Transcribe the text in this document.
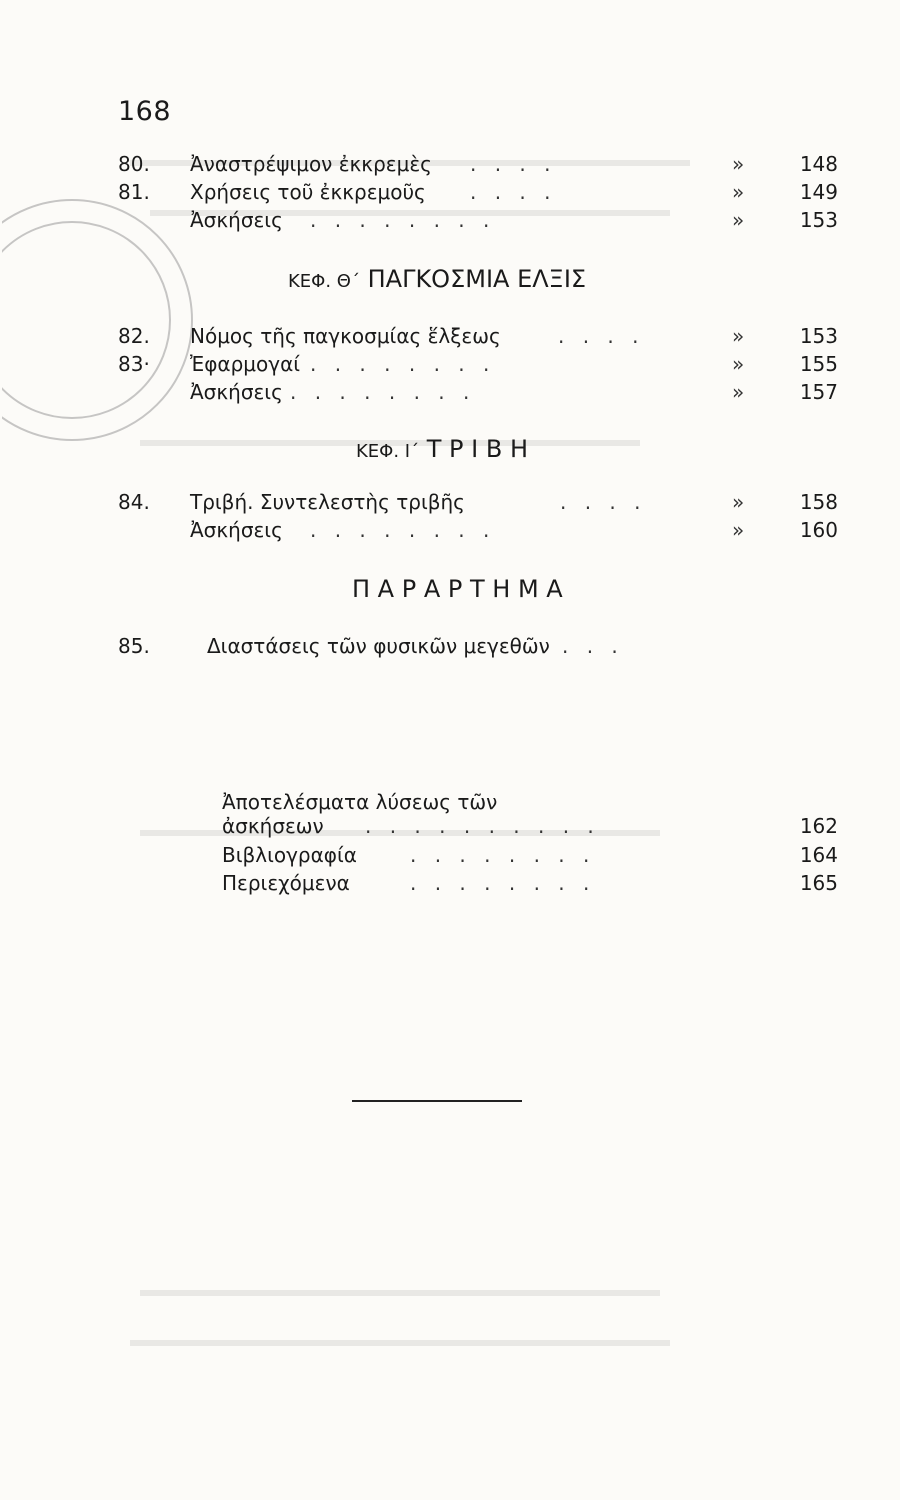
168
80. Ἀναστρέψιμον ἐκκρεμὲς . . . .	»	148
81. Χρήσεις τοῦ ἐκκρεμοῦς . . . .	»	149
Ἀσκήσεις . . . . . . . .	»	153
ΚΕΦ. Θ΄ ΠΑΓΚΟΣΜΙΑ ΕΛΞΙΣ
82. Νόμος τῆς παγκοσμίας ἕλξεως	. . . .	»	153
83· Ἐφαρμογαί . . . . . . . .	»	155
Ἀσκήσεις . . . . . . . .	»	157
ΚΕΦ. Ι΄ Τ Ρ Ι Β Η
84. Τριβή. Συντελεστὴς τριβῆς	. . . .	»	158
Ἀσκήσεις . . . . . . . .	»	160
Π Α Ρ Α Ρ Τ Η Μ Α
85.	Διαστάσεις τῶν φυσικῶν μεγεθῶν . . .
Ἀποτελέσματα λύσεως τῶν
ἀσκήσεων . . . . . . . . . .	162
Βιβλιογραφία	. . . . . . . .	164
Περιεχόμενα	. . . . . . . .	165
